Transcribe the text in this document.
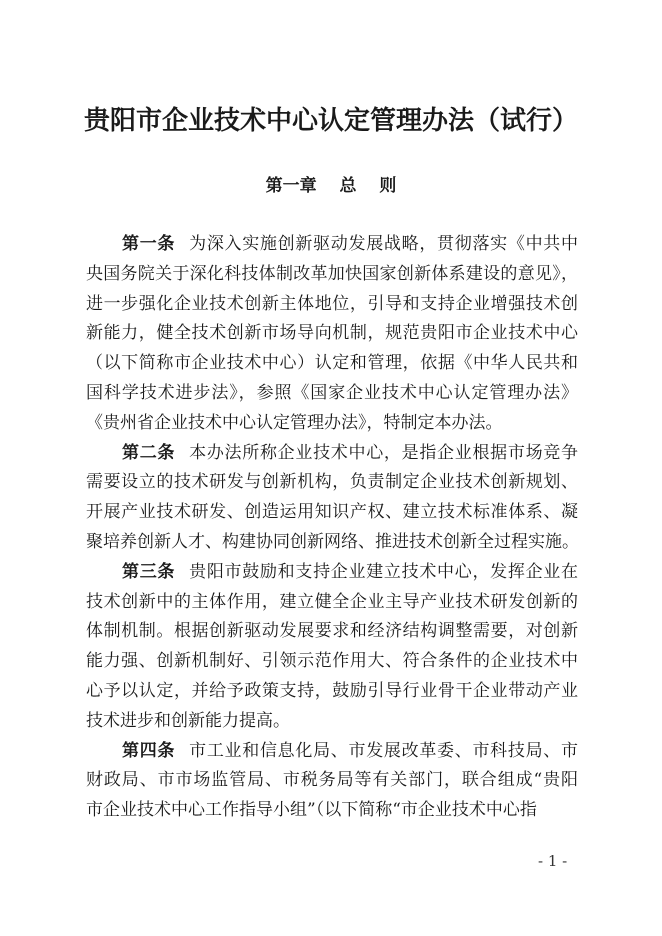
贵阳市企业技术中心认定管理办法（试行）
第一章　 总　 则
第一条 为深入实施创新驱动发展战略，贯彻落实《中共中
央国务院关于深化科技体制改革加快国家创新体系建设的意见》，
进一步强化企业技术创新主体地位，引导和支持企业增强技术创
新能力，健全技术创新市场导向机制，规范贵阳市企业技术中心
（以下简称市企业技术中心）认定和管理，依据《中华人民共和
国科学技术进步法》，参照《国家企业技术中心认定管理办法》
《贵州省企业技术中心认定管理办法》，特制定本办法。
第二条 本办法所称企业技术中心，是指企业根据市场竞争
需要设立的技术研发与创新机构，负责制定企业技术创新规划、
开展产业技术研发、创造运用知识产权、建立技术标准体系、凝
聚培养创新人才、构建协同创新网络、推进技术创新全过程实施。
第三条 贵阳市鼓励和支持企业建立技术中心，发挥企业在
技术创新中的主体作用，建立健全企业主导产业技术研发创新的
体制机制。根据创新驱动发展要求和经济结构调整需要，对创新
能力强、创新机制好、引领示范作用大、符合条件的企业技术中
心予以认定，并给予政策支持，鼓励引导行业骨干企业带动产业
技术进步和创新能力提高。
第四条 市工业和信息化局、市发展改革委、市科技局、市
财政局、市市场监管局、市税务局等有关部门，联合组成“贵阳
市企业技术中心工作指导小组”（以下简称“市企业技术中心指
- 1 -
